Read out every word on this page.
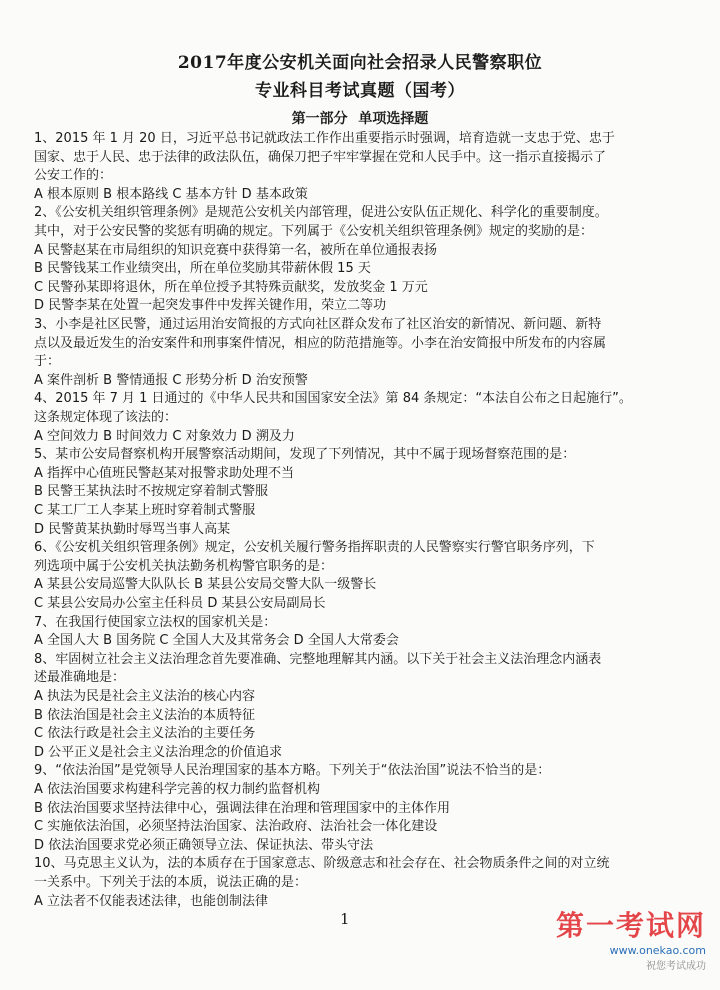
2017年度公安机关面向社会招录人民警察职位
专业科目考试真题（国考）
第一部分 单项选择题
1、2015 年 1 月 20 日，习近平总书记就政法工作作出重要指示时强调，培育造就一支忠于党、忠于
国家、忠于人民、忠于法律的政法队伍，确保刀把子牢牢掌握在党和人民手中。这一指示直接揭示了
公安工作的：
A 根本原则 B 根本路线 C 基本方针 D 基本政策
2、《公安机关组织管理条例》是规范公安机关内部管理，促进公安队伍正规化、科学化的重要制度。
其中，对于公安民警的奖惩有明确的规定。下列属于《公安机关组织管理条例》规定的奖励的是：
A 民警赵某在市局组织的知识竞赛中获得第一名，被所在单位通报表扬
B 民警钱某工作业绩突出，所在单位奖励其带薪休假 15 天
C 民警孙某即将退休，所在单位授予其特殊贡献奖，发放奖金 1 万元
D 民警李某在处置一起突发事件中发挥关键作用，荣立二等功
3、小李是社区民警，通过运用治安简报的方式向社区群众发布了社区治安的新情况、新问题、新特
点以及最近发生的治安案件和刑事案件情况，相应的防范措施等。小李在治安简报中所发布的内容属
于：
A 案件剖析 B 警情通报 C 形势分析 D 治安预警
4、2015 年 7 月 1 日通过的《中华人民共和国国家安全法》第 84 条规定：“本法自公布之日起施行”。
这条规定体现了该法的：
A 空间效力 B 时间效力 C 对象效力 D 溯及力
5、某市公安局督察机构开展警察活动期间，发现了下列情况，其中不属于现场督察范围的是：
A 指挥中心值班民警赵某对报警求助处理不当
B 民警王某执法时不按规定穿着制式警服
C 某工厂工人李某上班时穿着制式警服
D 民警黄某执勤时辱骂当事人高某
6、《公安机关组织管理条例》规定，公安机关履行警务指挥职责的人民警察实行警官职务序列，下
列选项中属于公安机关执法勤务机构警官职务的是：
A 某县公安局巡警大队队长 B 某县公安局交警大队一级警长
C 某县公安局办公室主任科员 D 某县公安局副局长
7、在我国行使国家立法权的国家机关是：
A 全国人大 B 国务院 C 全国人大及其常务会 D 全国人大常委会
8、牢固树立社会主义法治理念首先要准确、完整地理解其内涵。以下关于社会主义法治理念内涵表
述最准确地是：
A 执法为民是社会主义法治的核心内容
B 依法治国是社会主义法治的本质特征
C 依法行政是社会主义法治的主要任务
D 公平正义是社会主义法治理念的价值追求
9、“依法治国”是党领导人民治理国家的基本方略。下列关于“依法治国”说法不恰当的是：
A 依法治国要求构建科学完善的权力制约监督机构
B 依法治国要求坚持法律中心，强调法律在治理和管理国家中的主体作用
C 实施依法治国，必须坚持法治国家、法治政府、法治社会一体化建设
D 依法治国要求党必须正确领导立法、保证执法、带头守法
10、马克思主义认为，法的本质存在于国家意志、阶级意志和社会存在、社会物质条件之间的对立统
一关系中。下列关于法的本质，说法正确的是：
A 立法者不仅能表述法律，也能创制法律
1	第一考试网
www.onekao.com
祝您考试成功
